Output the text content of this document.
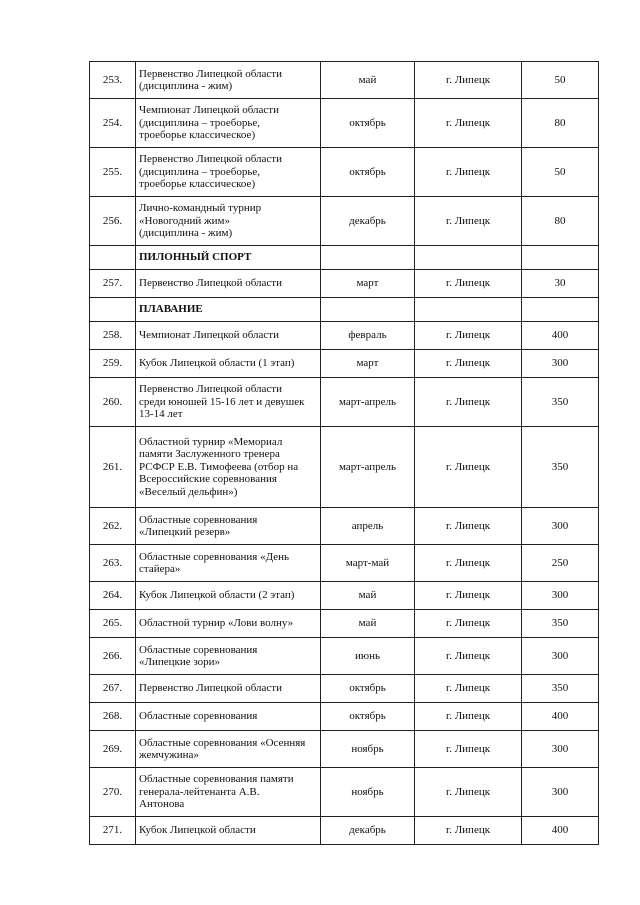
253.	Первенство Липецкой области
(дисциплина - жим)	май	г. Липецк	50
254.	Чемпионат Липецкой области
(дисциплина – троеборье,
троеборье классическое)	октябрь	г. Липецк	80
255.	Первенство Липецкой области
(дисциплина – троеборье,
троеборье классическое)	октябрь	г. Липецк	50
256.	Лично-командный турнир
«Новогодний жим»
(дисциплина - жим)	декабрь	г. Липецк	80
	ПИЛОННЫЙ СПОРТ			
257.	Первенство Липецкой области	март	г. Липецк	30
	ПЛАВАНИЕ			
258.	Чемпионат Липецкой области	февраль	г. Липецк	400
259.	Кубок Липецкой области (1 этап)	март	г. Липецк	300
260.	Первенство Липецкой области
среди юношей 15-16 лет и девушек
13-14 лет	март-апрель	г. Липецк	350
261.	Областной турнир «Мемориал
памяти Заслуженного тренера
РСФСР Е.В. Тимофеева (отбор на
Всероссийские соревнования
«Веселый дельфин»)	март-апрель	г. Липецк	350
262.	Областные соревнования
«Липецкий резерв»	апрель	г. Липецк	300
263.	Областные соревнования «День
стайера»	март-май	г. Липецк	250
264.	Кубок Липецкой области (2 этап)	май	г. Липецк	300
265.	Областной турнир «Лови волну»	май	г. Липецк	350
266.	Областные соревнования
«Липецкие зори»	июнь	г. Липецк	300
267.	Первенство Липецкой области	октябрь	г. Липецк	350
268.	Областные соревнования	октябрь	г. Липецк	400
269.	Областные соревнования «Осенняя
жемчужина»	ноябрь	г. Липецк	300
270.	Областные соревнования памяти
генерала-лейтенанта А.В.
Антонова	ноябрь	г. Липецк	300
271.	Кубок Липецкой области	декабрь	г. Липецк	400
